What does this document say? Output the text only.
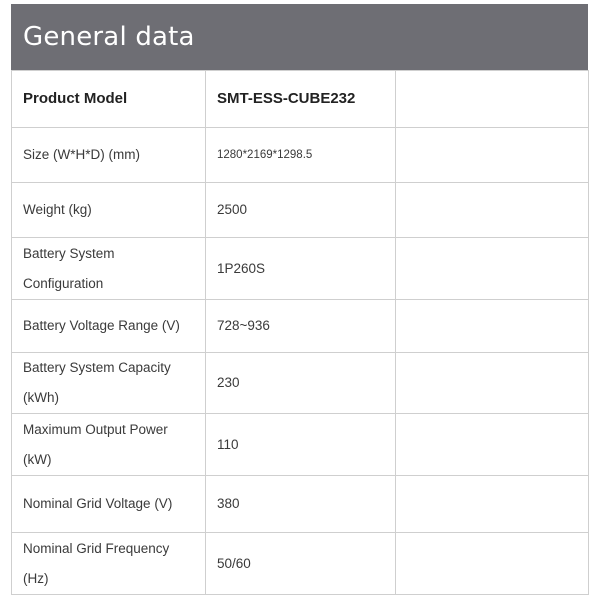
General data
Product Model	SMT-ESS-CUBE232	
Size (W*H*D) (mm)	1280*2169*1298.5	
Weight (kg)	2500	
Battery System Configuration	1P260S	
Battery Voltage Range (V)	728~936	
Battery System Capacity (kWh)	230	
Maximum Output Power (kW)	110	
Nominal Grid Voltage (V)	380	
Nominal Grid Frequency (Hz)	50/60	
